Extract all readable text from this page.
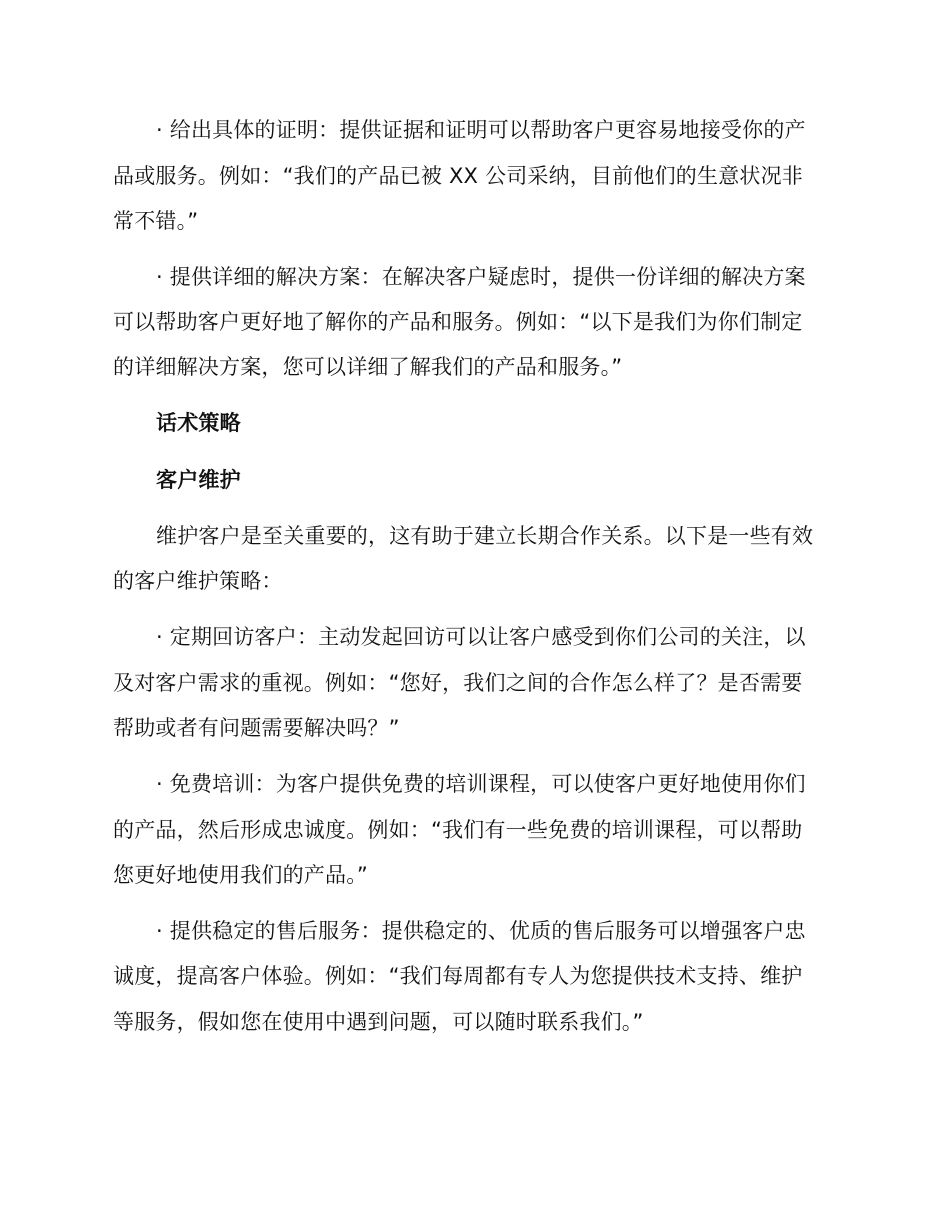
· 给出具体的证明：提供证据和证明可以帮助客户更容易地接受你的产
品或服务。例如：“我们的产品已被 XX 公司采纳，目前他们的生意状况非
常不错。”
· 提供详细的解决方案：在解决客户疑虑时，提供一份详细的解决方案
可以帮助客户更好地了解你的产品和服务。例如：“以下是我们为你们制定
的详细解决方案，您可以详细了解我们的产品和服务。”
话术策略
客户维护
维护客户是至关重要的，这有助于建立长期合作关系。以下是一些有效
的客户维护策略：
· 定期回访客户：主动发起回访可以让客户感受到你们公司的关注，以
及对客户需求的重视。例如：“您好，我们之间的合作怎么样了？是否需要
帮助或者有问题需要解决吗？”
· 免费培训：为客户提供免费的培训课程，可以使客户更好地使用你们
的产品，然后形成忠诚度。例如：“我们有一些免费的培训课程，可以帮助
您更好地使用我们的产品。”
· 提供稳定的售后服务：提供稳定的、优质的售后服务可以增强客户忠
诚度，提高客户体验。例如：“我们每周都有专人为您提供技术支持、维护
等服务，假如您在使用中遇到问题，可以随时联系我们。”
